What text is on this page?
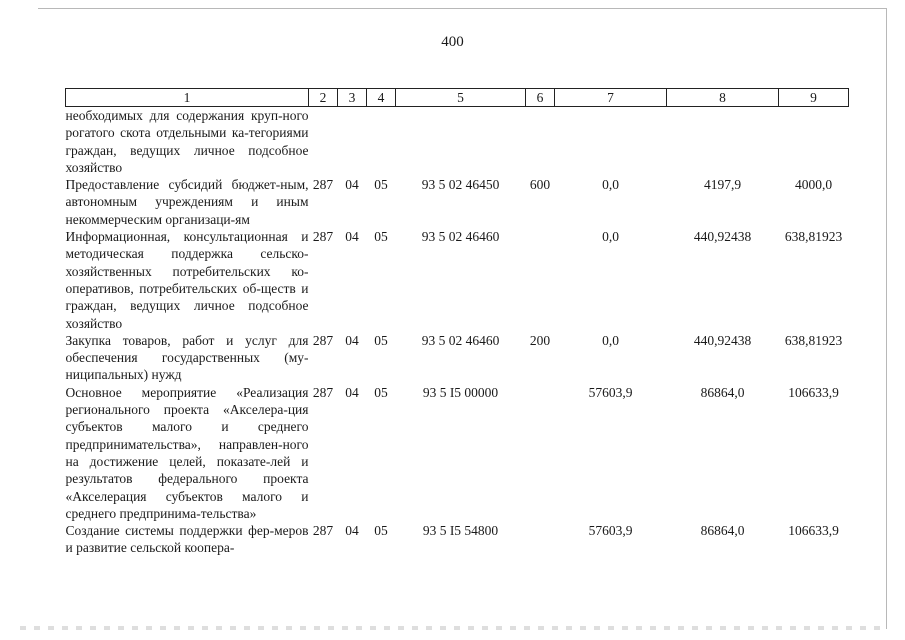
400
1	2	3	4	5	6	7	8	9
необходимых для содержания круп-ного рогатого скота отдельными ка-тегориями граждан, ведущих личное подсобное хозяйство								
Предоставление субсидий бюджет-ным, автономным учреждениям и иным некоммерческим организаци-ям	287	04	05	93 5 02 46450	600	0,0	4197,9	4000,0
Информационная, консультационная и методическая поддержка сельско-хозяйственных потребительских ко-оперативов, потребительских об-ществ и граждан, ведущих личное подсобное хозяйство	287	04	05	93 5 02 46460		0,0	440,92438	638,81923
Закупка товаров, работ и услуг для обеспечения государственных (му-ниципальных) нужд	287	04	05	93 5 02 46460	200	0,0	440,92438	638,81923
Основное мероприятие «Реализация регионального проекта «Акселера-ция субъектов малого и среднего предпринимательства», направлен-ного на достижение целей, показате-лей и результатов федерального проекта «Акселерация субъектов малого и среднего предпринима-тельства»	287	04	05	93 5 I5 00000		57603,9	86864,0	106633,9
Создание системы поддержки фер-меров и развитие сельской коопера-	287	04	05	93 5 I5 54800		57603,9	86864,0	106633,9
